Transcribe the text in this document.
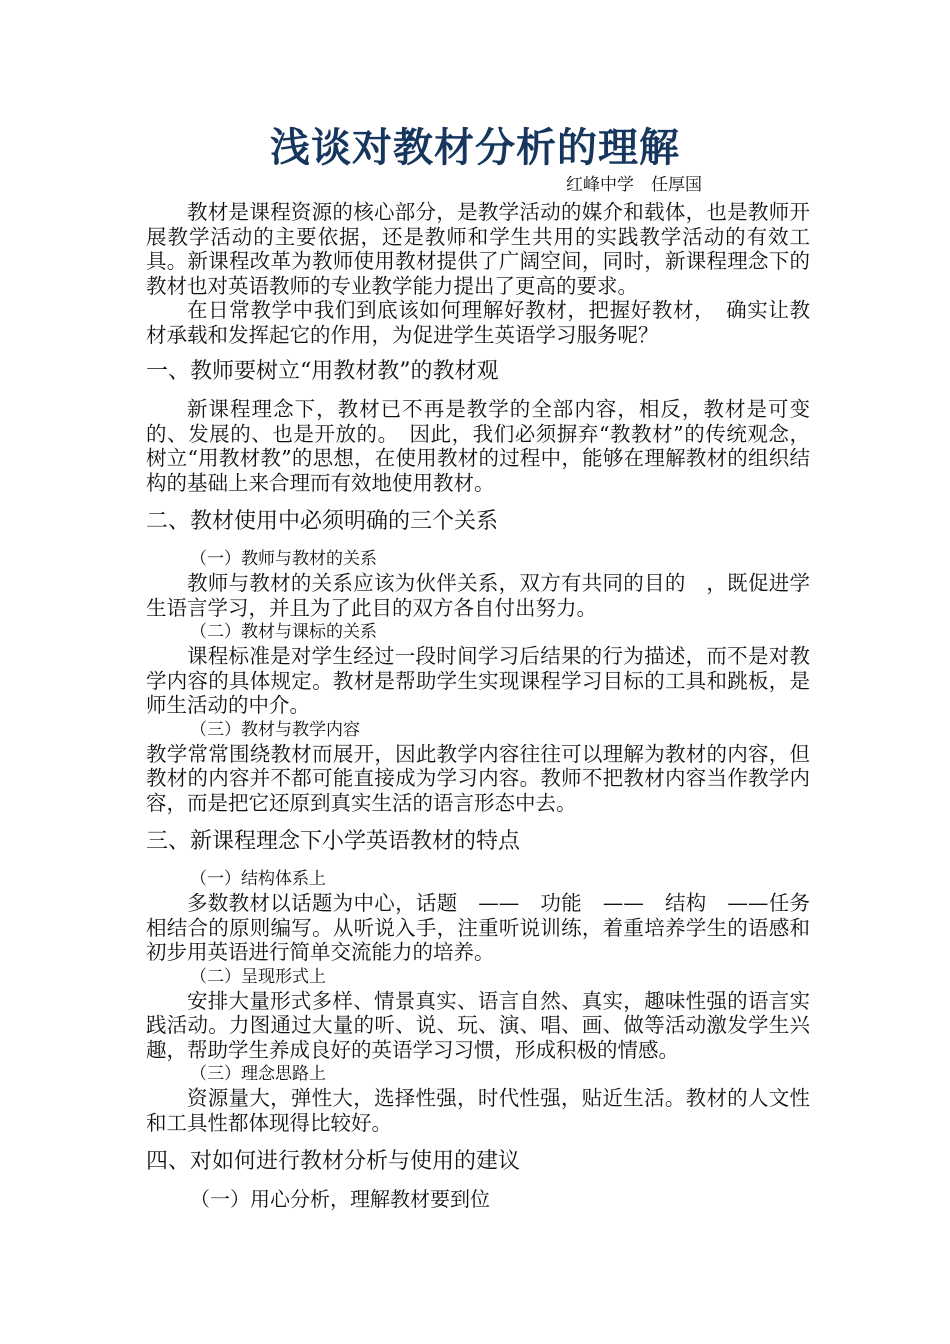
浅谈对教材分析的理解
红峰中学　任厚国

教材是课程资源的核心部分，是教学活动的媒介和载体，也是教师开展教学活动的主要依据，还是教师和学生共用的实践教学活动的有效工具。新课程改革为教师使用教材提供了广阔空间，同时，新课程理念下的教材也对英语教师的专业教学能力提出了更高的要求。

在日常教学中我们到底该如何理解好教材，把握好教材，　确实让教材承载和发挥起它的作用，为促进学生英语学习服务呢？

一、教师要树立“用教材教”的教材观

新课程理念下，教材已不再是教学的全部内容，相反，教材是可变的、发展的、也是开放的。　因此，我们必须摒弃“教教材”的传统观念，树立“用教材教”的思想，在使用教材的过程中，能够在理解教材的组织结构的基础上来合理而有效地使用教材。

二、教材使用中必须明确的三个关系
（一）教师与教材的关系

教师与教材的关系应该为伙伴关系，双方有共同的目的　，既促进学生语言学习，并且为了此目的双方各自付出努力。

（二）教材与课标的关系

课程标准是对学生经过一段时间学习后结果的行为描述，而不是对教学内容的具体规定。教材是帮助学生实现课程学习目标的工具和跳板，是师生活动的中介。

（三）教材与教学内容

教学常常围绕教材而展开，因此教学内容往往可以理解为教材的内容，但教材的内容并不都可能直接成为学习内容。教师不把教材内容当作教学内容，而是把它还原到真实生活的语言形态中去。

三、新课程理念下小学英语教材的特点
（一）结构体系上

多数教材以话题为中心，话题　——　功能　——　结构　——任务相结合的原则编写。从听说入手，注重听说训练，着重培养学生的语感和初步用英语进行简单交流能力的培养。

（二）呈现形式上

安排大量形式多样、情景真实、语言自然、真实，趣味性强的语言实践活动。力图通过大量的听、说、玩、演、唱、画、做等活动激发学生兴趣，帮助学生养成良好的英语学习习惯，形成积极的情感。

（三）理念思路上

资源量大，弹性大，选择性强，时代性强，贴近生活。教材的人文性和工具性都体现得比较好。

四、对如何进行教材分析与使用的建议
（一）用心分析，理解教材要到位
